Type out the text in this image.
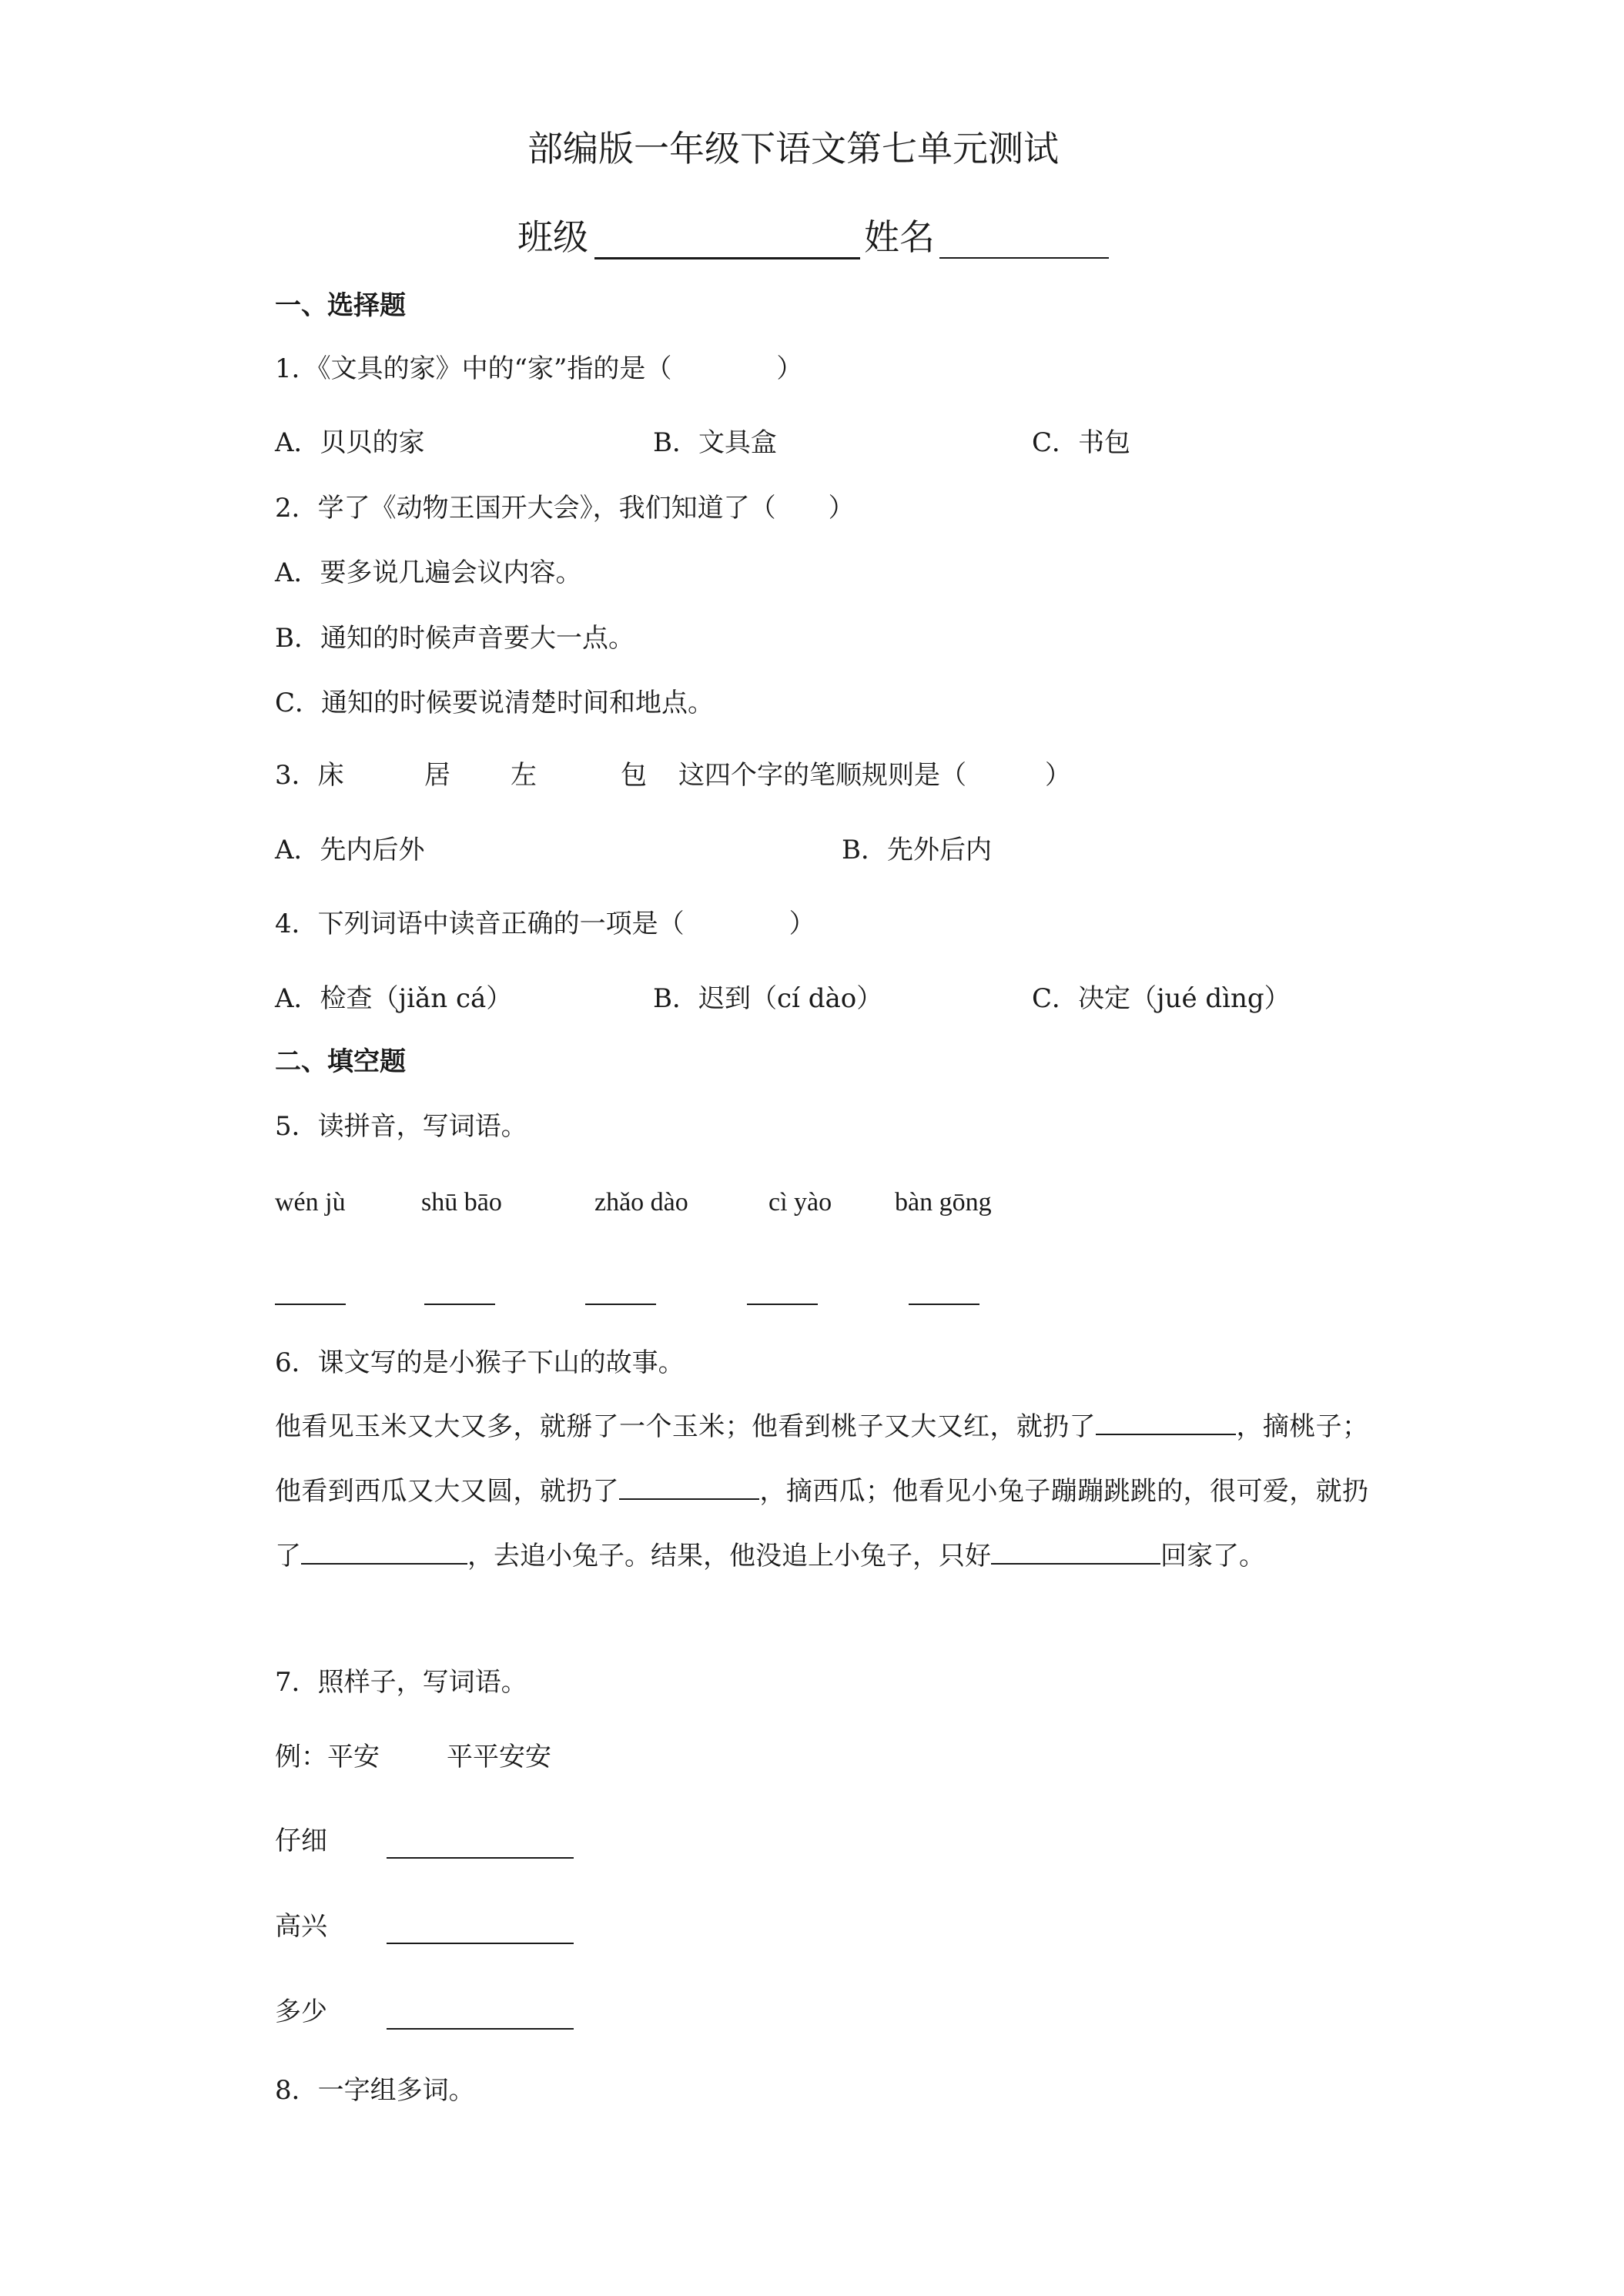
部编版一年级下语文第七单元测试
班级	姓名
一、选择题
1．《文具的家》中的“家”指的是（　　　　）
A．贝贝的家	B．文具盒	C．书包
2．学了《动物王国开大会》，我们知道了（　　）
A．要多说几遍会议内容。
B．通知的时候声音要大一点。
C．通知的时候要说清楚时间和地点。
3．床	居 左	包 这四个字的笔顺规则是（　　　）
A．先内后外	B．先外后内
4．下列词语中读音正确的一项是（　　　　）
A．检查（jiǎn cá）	B．迟到（cí dào）	C．决定（jué dìng）
二、填空题
5．读拼音，写词语。
wén jù	shū bāo	zhǎo dào	cì yào bàn gōng
6．课文写的是小猴子下山的故事。
他看见玉米又大又多，就掰了一个玉米；他看到桃子又大又红，就扔了	，摘桃子；他看到西瓜又大又圆，就扔了	，摘西瓜；他看见小兔子蹦蹦跳跳的，很可爱，就扔了	，去追小兔子。结果，他没追上小兔子，只好	回家了。
7．照样子，写词语。
例：平安	平平安安
仔细
高兴
多少
8．一字组多词。
